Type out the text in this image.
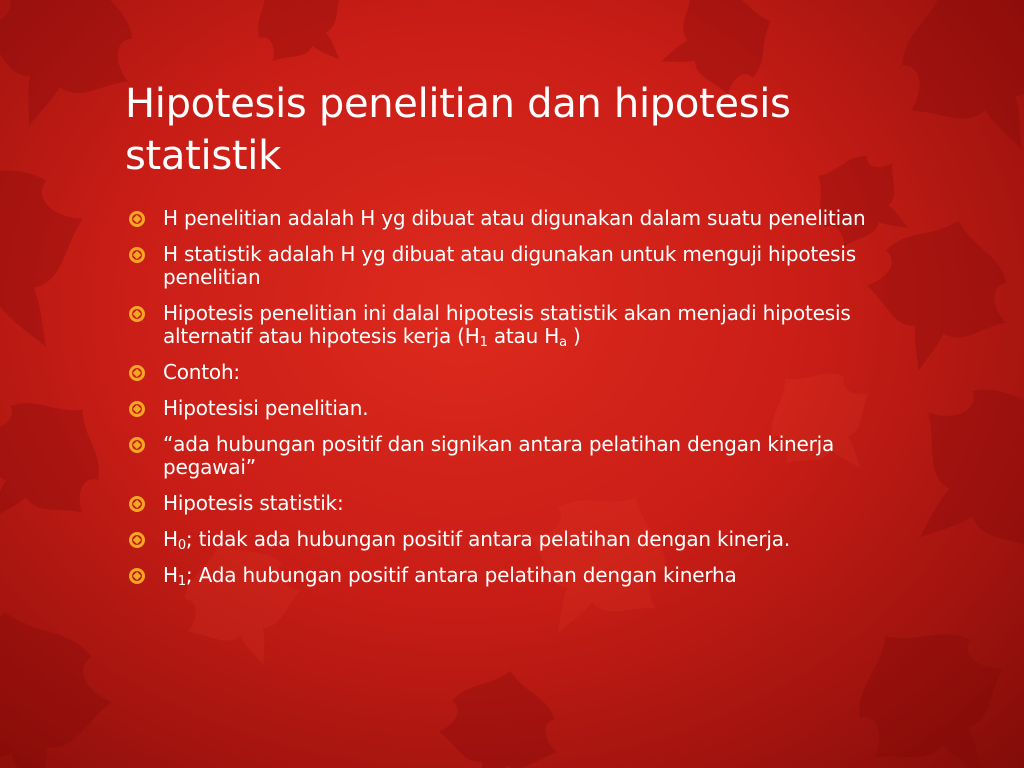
Hipotesis penelitian dan hipotesis statistik
H penelitian adalah H yg dibuat atau digunakan dalam suatu penelitian
H statistik adalah H yg dibuat atau digunakan untuk menguji hipotesis penelitian
Hipotesis penelitian ini dalal hipotesis statistik akan menjadi hipotesis alternatif atau hipotesis kerja ($H_1$ atau $H_a$ )
Contoh:
Hipotesisi penelitian.
“ada hubungan positif dan signikan antara pelatihan dengan kinerja pegawai”
Hipotesis statistik:
$H_0$; tidak ada hubungan positif antara pelatihan dengan kinerja.
$H_1$; Ada hubungan positif antara pelatihan dengan kinerha
